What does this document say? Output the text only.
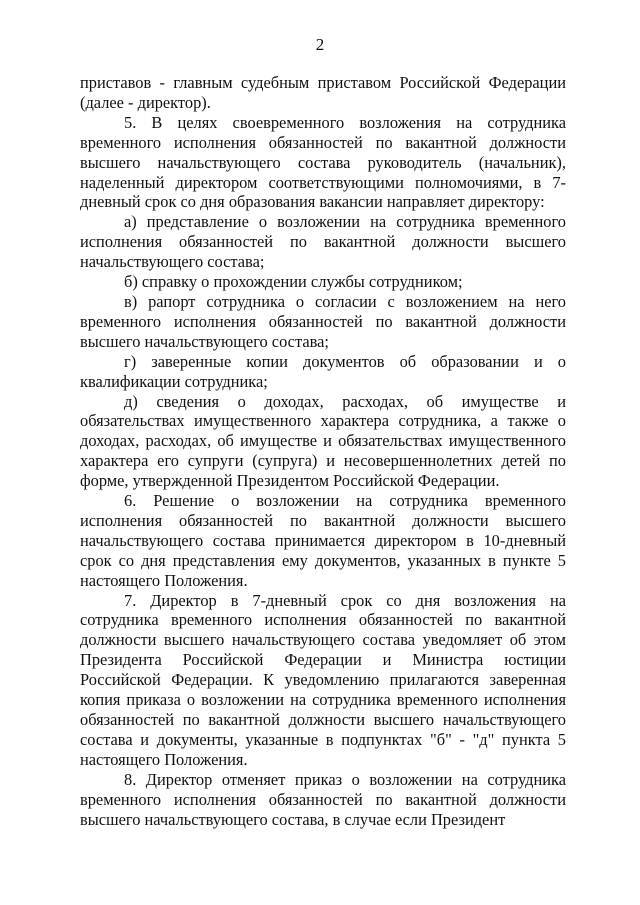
2

приставов - главным судебным приставом Российской Федерации (далее - директор).

5. В целях своевременного возложения на сотрудника временного исполнения обязанностей по вакантной должности высшего начальствующего состава руководитель (начальник), наделенный директором соответствующими полномочиями, в 7-дневный срок со дня образования вакансии направляет директору:

а) представление о возложении на сотрудника временного исполнения обязанностей по вакантной должности высшего начальствующего состава;

б) справку о прохождении службы сотрудником;

в) рапорт сотрудника о согласии с возложением на него временного исполнения обязанностей по вакантной должности высшего начальствующего состава;

г) заверенные копии документов об образовании и о квалификации сотрудника;

д) сведения о доходах, расходах, об имуществе и обязательствах имущественного характера сотрудника, а также о доходах, расходах, об имуществе и обязательствах имущественного характера его супруги (супруга) и несовершеннолетних детей по форме, утвержденной Президентом Российской Федерации.

6. Решение о возложении на сотрудника временного исполнения обязанностей по вакантной должности высшего начальствующего состава принимается директором в 10-дневный срок со дня представления ему документов, указанных в пункте 5 настоящего Положения.

7. Директор в 7-дневный срок со дня возложения на сотрудника временного исполнения обязанностей по вакантной должности высшего начальствующего состава уведомляет об этом Президента Российской Федерации и Министра юстиции Российской Федерации. К уведомлению прилагаются заверенная копия приказа о возложении на сотрудника временного исполнения обязанностей по вакантной должности высшего начальствующего состава и документы, указанные в подпунктах "б" - "д" пункта 5 настоящего Положения.

8. Директор отменяет приказ о возложении на сотрудника временного исполнения обязанностей по вакантной должности высшего начальствующего состава, в случае если Президент
